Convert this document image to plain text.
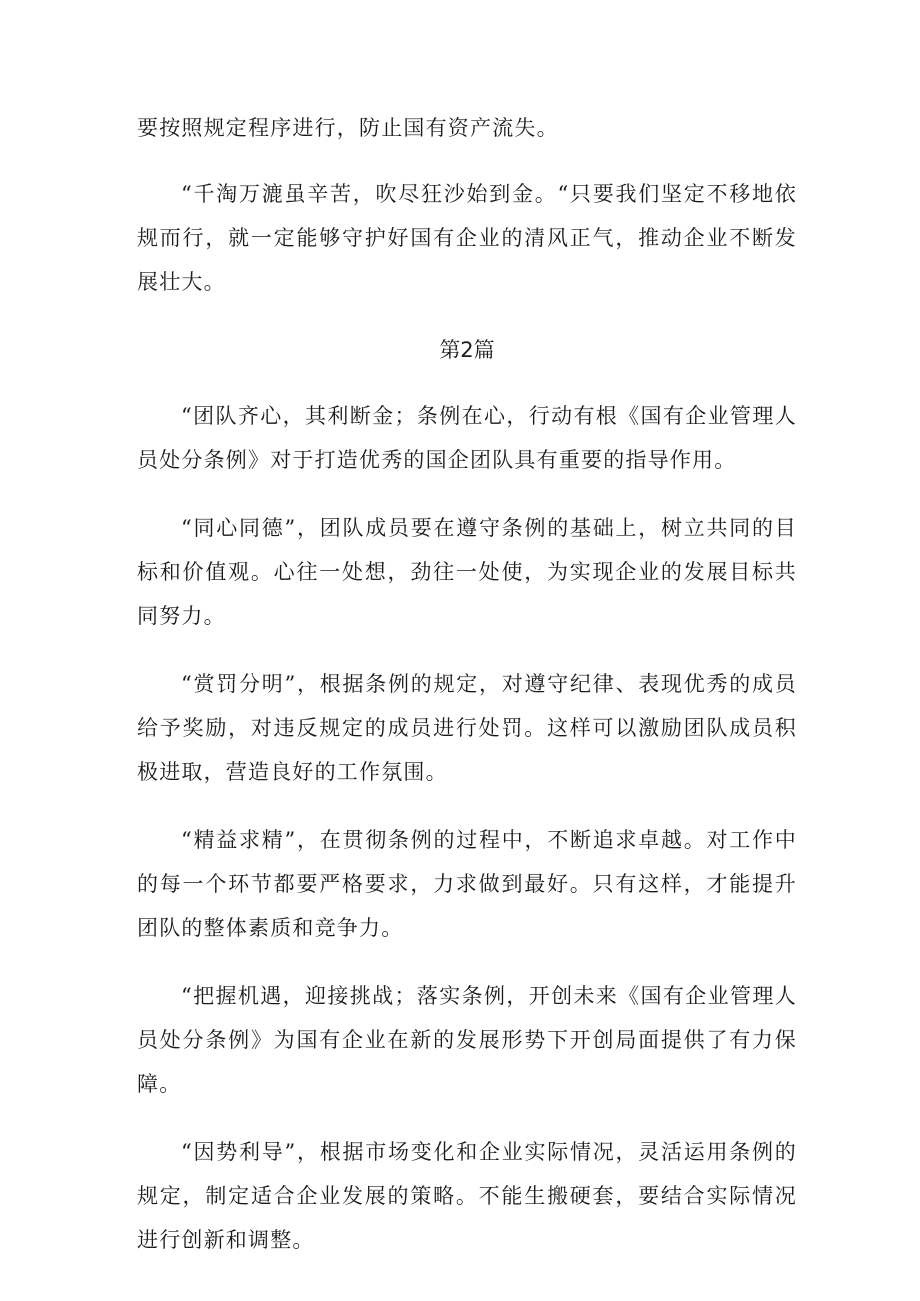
要按照规定程序进行，防止国有资产流失。

“千淘万漉虽辛苦，吹尽狂沙始到金。“只要我们坚定不移地依规而行，就一定能够守护好国有企业的清风正气，推动企业不断发展壮大。

第2篇

“团队齐心，其利断金；条例在心，行动有根《国有企业管理人员处分条例》对于打造优秀的国企团队具有重要的指导作用。

“同心同德”，团队成员要在遵守条例的基础上，树立共同的目标和价值观。心往一处想，劲往一处使，为实现企业的发展目标共同努力。

“赏罚分明”，根据条例的规定，对遵守纪律、表现优秀的成员给予奖励，对违反规定的成员进行处罚。这样可以激励团队成员积极进取，营造良好的工作氛围。

“精益求精”，在贯彻条例的过程中，不断追求卓越。对工作中的每一个环节都要严格要求，力求做到最好。只有这样，才能提升团队的整体素质和竞争力。

“把握机遇，迎接挑战；落实条例，开创未来《国有企业管理人员处分条例》为国有企业在新的发展形势下开创局面提供了有力保障。

“因势利导”，根据市场变化和企业实际情况，灵活运用条例的规定，制定适合企业发展的策略。不能生搬硬套，要结合实际情况进行创新和调整。
